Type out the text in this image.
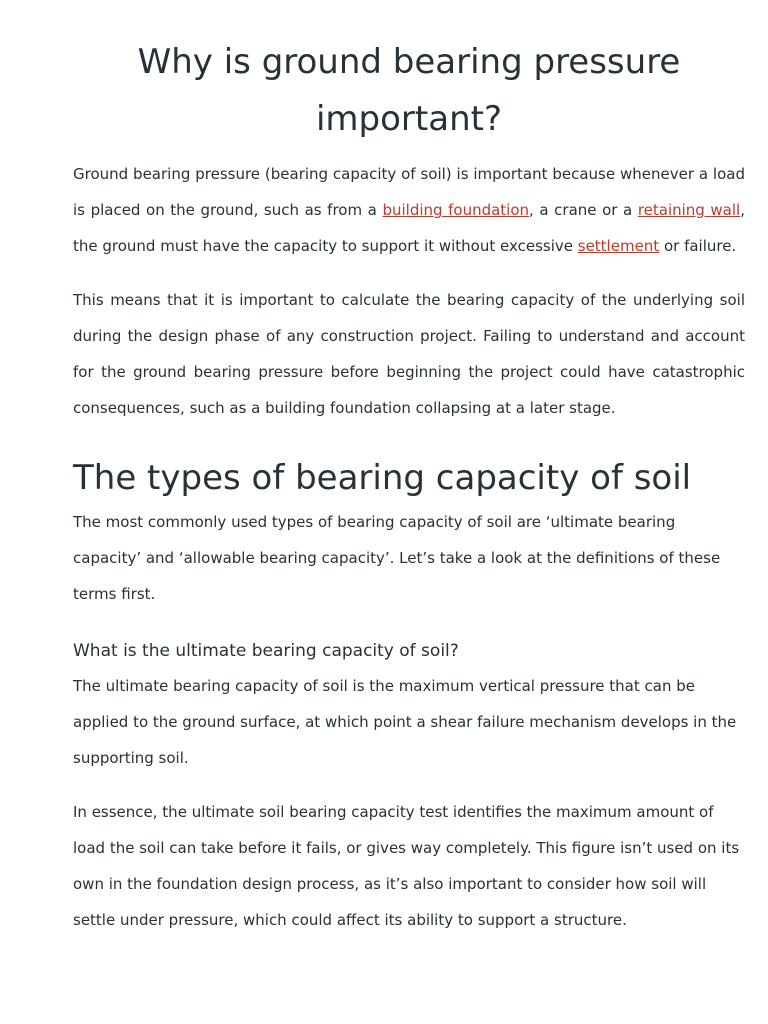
Why is ground bearing pressure important?

Ground bearing pressure (bearing capacity of soil) is important because whenever a load is placed on the ground, such as from a building foundation, a crane or a retaining wall, the ground must have the capacity to support it without excessive settlement or failure.

This means that it is important to calculate the bearing capacity of the underlying soil during the design phase of any construction project. Failing to understand and account for the ground bearing pressure before beginning the project could have catastrophic consequences, such as a building foundation collapsing at a later stage.

The types of bearing capacity of soil

The most commonly used types of bearing capacity of soil are ‘ultimate bearing capacity’ and ‘allowable bearing capacity’. Let’s take a look at the definitions of these terms first.

What is the ultimate bearing capacity of soil?

The ultimate bearing capacity of soil is the maximum vertical pressure that can be applied to the ground surface, at which point a shear failure mechanism develops in the supporting soil.

In essence, the ultimate soil bearing capacity test identifies the maximum amount of load the soil can take before it fails, or gives way completely. This figure isn’t used on its own in the foundation design process, as it’s also important to consider how soil will settle under pressure, which could affect its ability to support a structure.
